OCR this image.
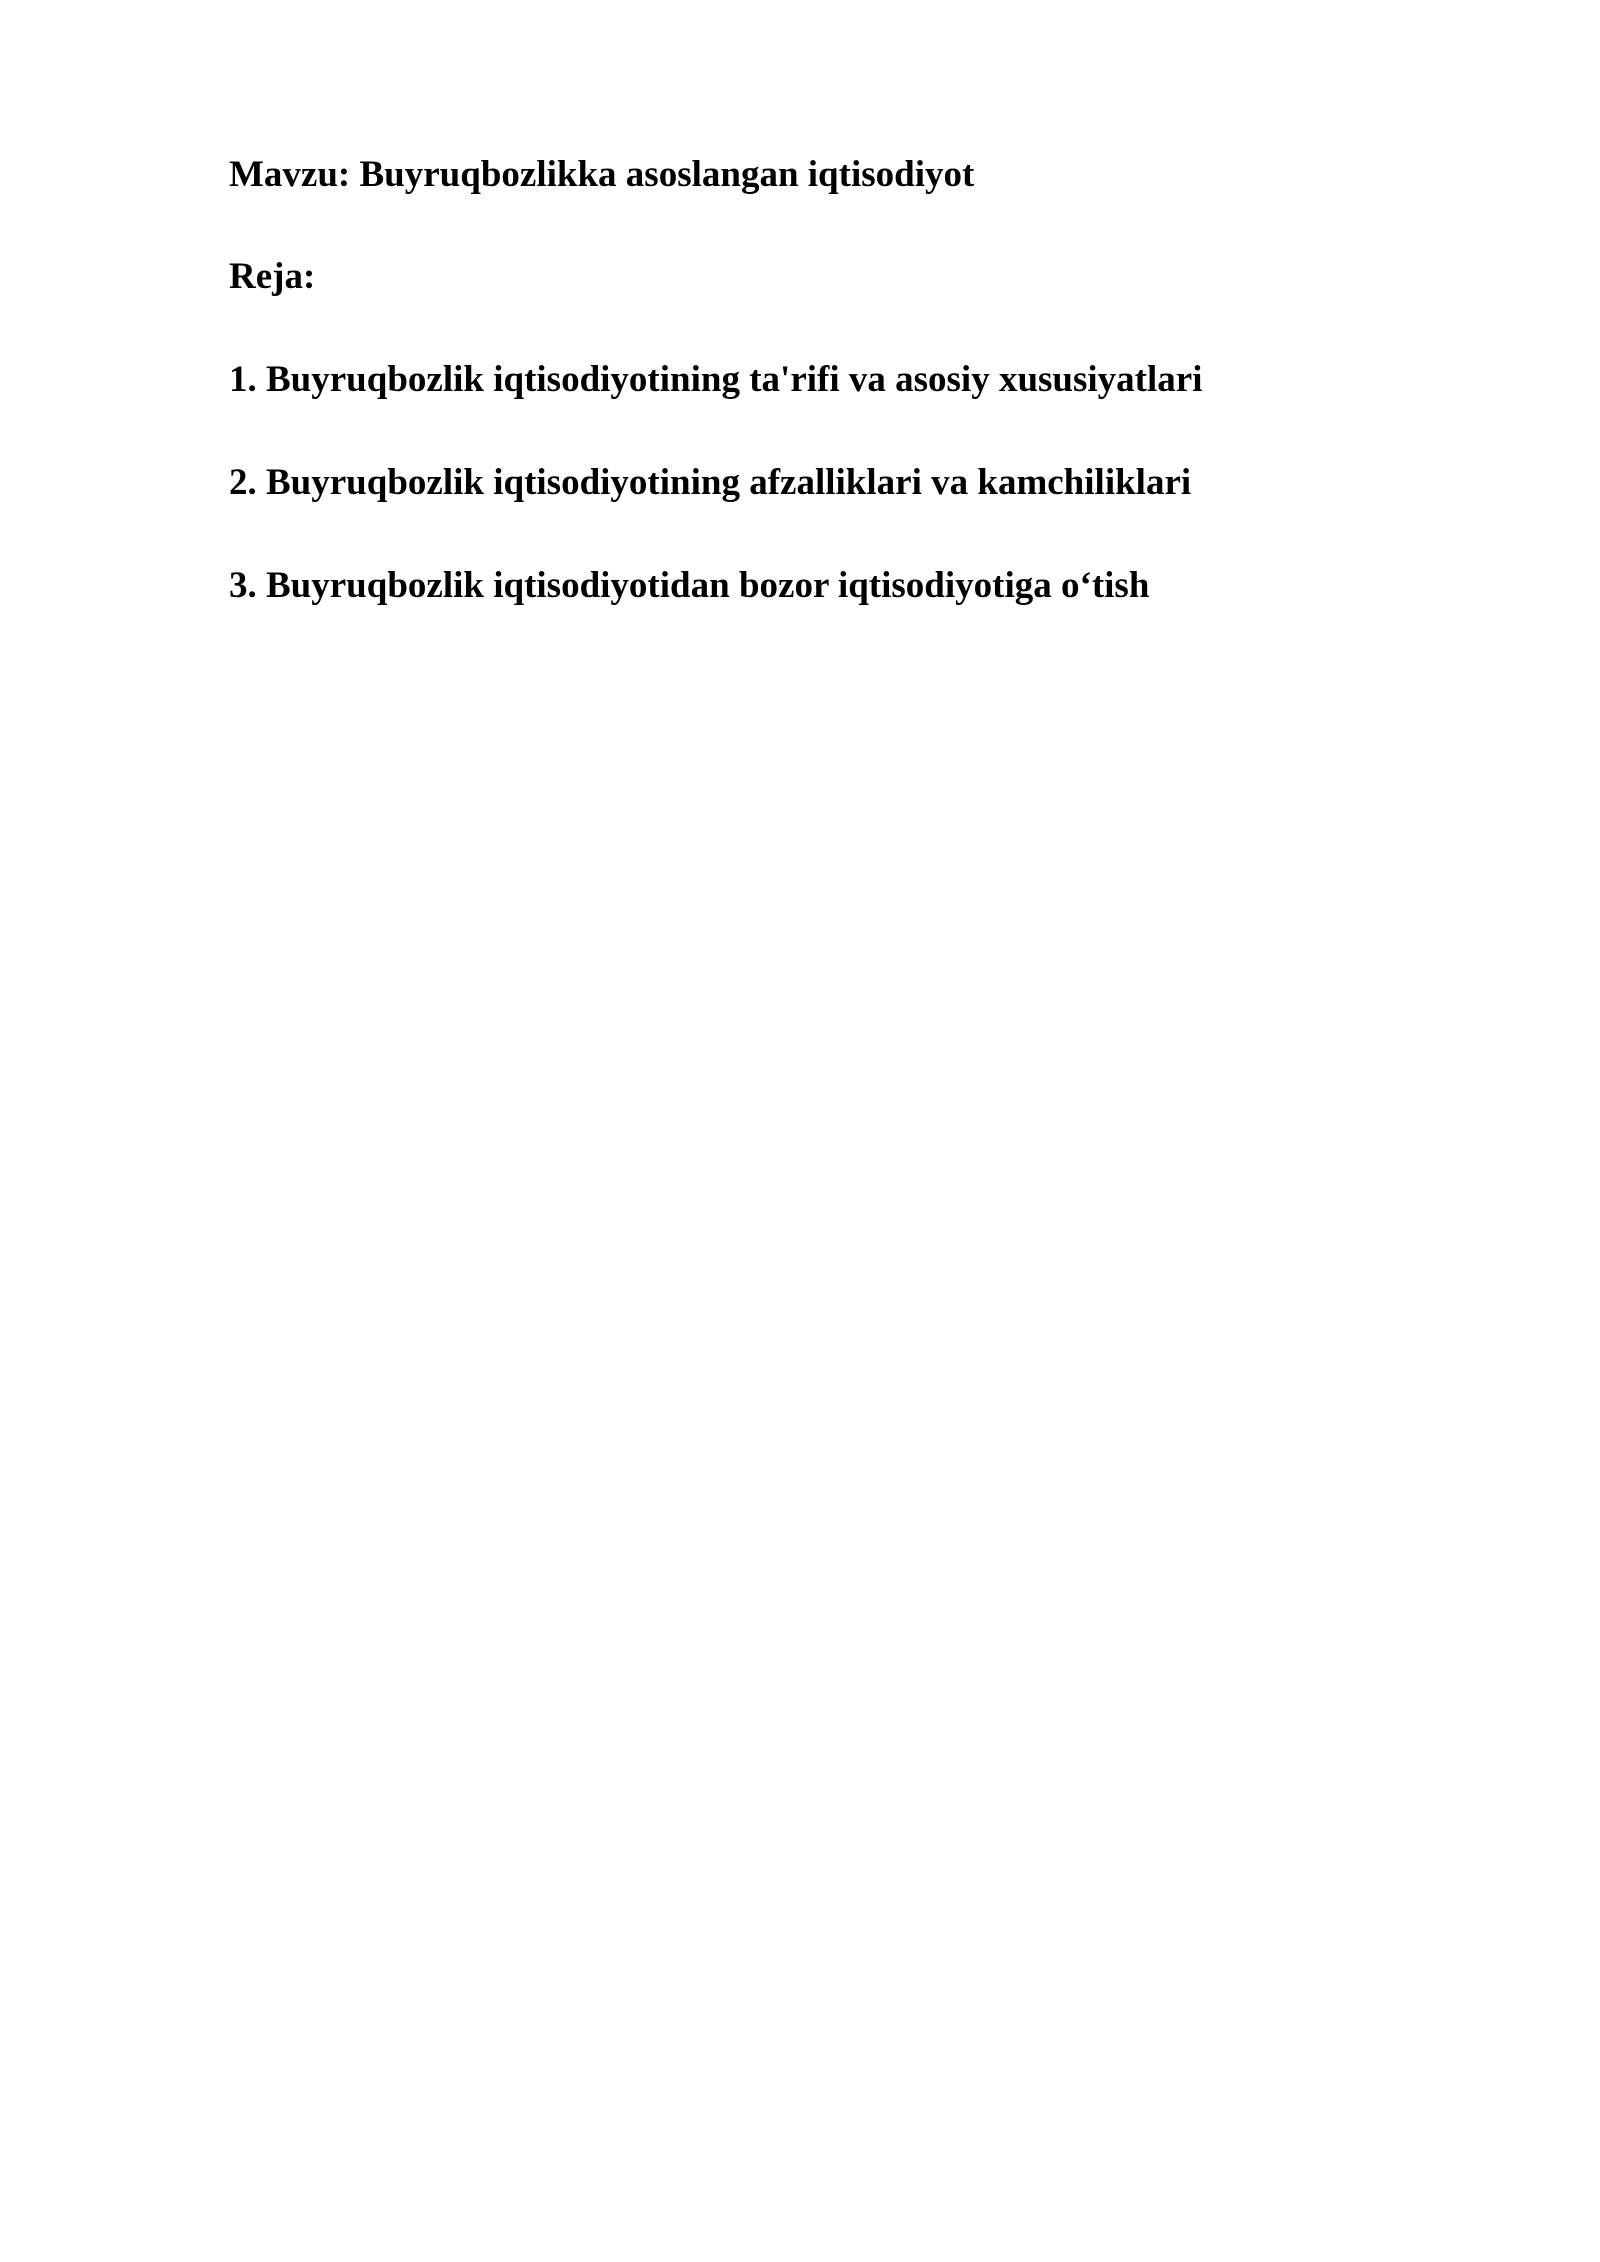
Mavzu: Buyruqbozlikka asoslangan iqtisodiyot

Reja:

1. Buyruqbozlik iqtisodiyotining ta'rifi va asosiy xususiyatlari

2. Buyruqbozlik iqtisodiyotining afzalliklari va kamchiliklari

3. Buyruqbozlik iqtisodiyotidan bozor iqtisodiyotiga o‘tish
